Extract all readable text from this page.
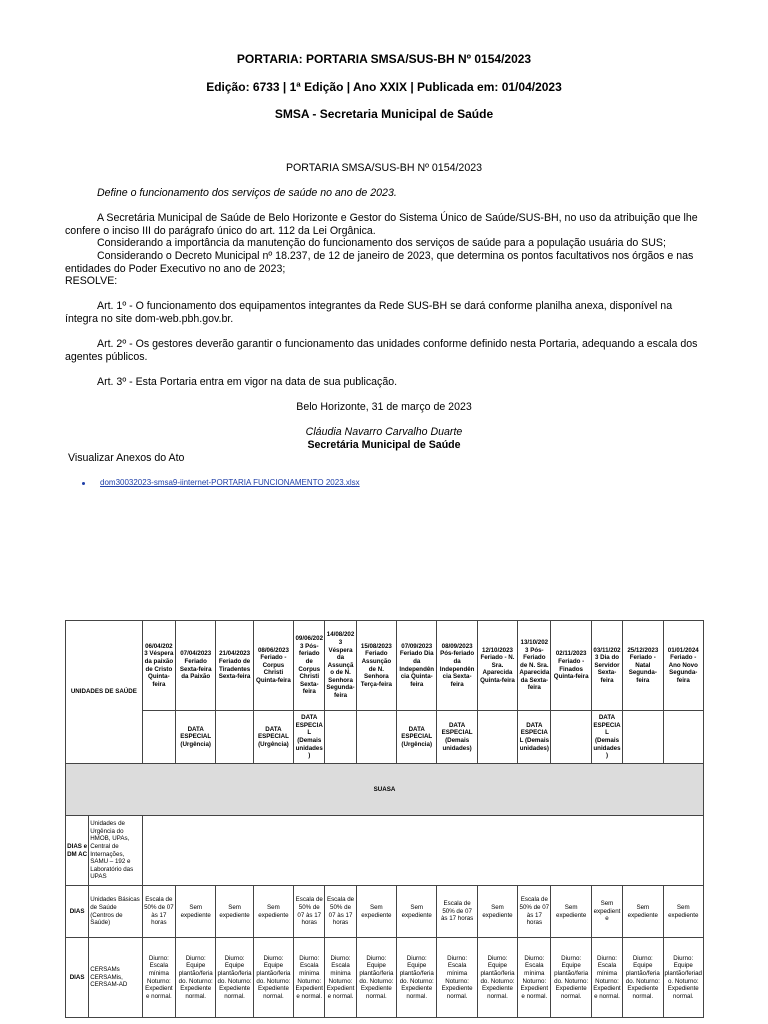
PORTARIA: PORTARIA SMSA/SUS-BH Nº 0154/2023
Edição: 6733 | 1ª Edição | Ano XXIX | Publicada em: 01/04/2023
SMSA - Secretaria Municipal de Saúde
PORTARIA SMSA/SUS-BH Nº 0154/2023
Define o funcionamento dos serviços de saúde no ano de 2023.
A Secretária Municipal de Saúde de Belo Horizonte e Gestor do Sistema Único de Saúde/SUS-BH, no uso da atribuição que lhe confere o inciso III do parágrafo único do art. 112 da Lei Orgânica.
Considerando a importância da manutenção do funcionamento dos serviços de saúde para a população usuária do SUS;
Considerando o Decreto Municipal nº 18.237, de 12 de janeiro de 2023, que determina os pontos facultativos nos órgãos e nas entidades do Poder Executivo no ano de 2023;
RESOLVE:
Art. 1º - O funcionamento dos equipamentos integrantes da Rede SUS-BH se dará conforme planilha anexa, disponível na íntegra no site dom-web.pbh.gov.br.
Art. 2º - Os gestores deverão garantir o funcionamento das unidades conforme definido nesta Portaria, adequando a escala dos agentes públicos.
Art. 3º - Esta Portaria entra em vigor na data de sua publicação.
Belo Horizonte, 31 de março de 2023
Cláudia Navarro Carvalho Duarte
Secretária Municipal de Saúde
Visualizar Anexos do Ato
dom30032023-smsa9-iinternet-PORTARIA FUNCIONAMENTO 2023.xlsx
UNIDADES DE SAÚDE		06/04/2023 Véspera da paixão de Cristo Quinta-feira	07/04/2023 Feriado Sexta-feira da Paixão	21/04/2023 Feriado de Tiradentes Sexta-feira	08/06/2023 Feriado - Corpus Christi Quinta-feira	09/06/2023 Pós-feriado de Corpus Christi Sexta-feira	14/08/2023 Véspera da Assunção de N. Senhora Segunda-feira	15/08/2023 Feriado Assunção de N. Senhora Terça-feira	07/09/2023 Feriado Dia da Independência Quinta-feira	08/09/2023 Pós-feriado da Independência Sexta-feira	12/10/2023 Feriado - N. Sra. Aparecida Quinta-feira	13/10/2023 Pós-Feriado de N. Sra. Aparecida da Sexta-feira	02/11/2023 Feriado - Finados Quinta-feira	03/11/2023 Dia do Servidor Sexta-feira	25/12/2023 Feriado - Natal Segunda-feira	01/01/2024 Feriado - Ano Novo Segunda-feira
			DATA ESPECIAL (Urgência)		DATA ESPECIAL (Urgência)	DATA ESPECIAL (Demais unidades)			DATA ESPECIAL (Urgência)	DATA ESPECIAL (Demais unidades)		DATA ESPECIAL (Demais unidades)		DATA ESPECIAL (Demais unidades)		
SUASA																
DIAS e DM AC	Unidades de Urgência do HMOB, UPAs, Central de Internações, SAMU – 192 e Laboratório das UPAS															
DIAS	Unidades Básicas de Saúde (Centros de Saúde)	Escala de 50% de 07 às 17 horas	Sem expediente	Sem expediente	Sem expediente	Escala de 50% de 07 às 17 horas	Escala de 50% de 07 às 17 horas	Sem expediente	Sem expediente	Escala de 50% de 07 às 17 horas	Sem expediente	Escala de 50% de 07 às 17 horas	Sem expediente	Sem expediente	Sem expediente	Sem expediente
DIAS	CERSAMs CERSAMis, CERSAM-AD	Diurno: Escala mínima Noturno: Expediente normal.	Diurno: Equipe plantão/feriado. Noturno: Expediente normal.	Diurno: Equipe plantão/feriado. Noturno: Expediente normal.	Diurno: Equipe plantão/feriado. Noturno: Expediente normal.	Diurno: Escala mínima Noturno: Expediente normal.	Diurno: Escala mínima Noturno: Expediente normal.	Diurno: Equipe plantão/feriado. Noturno: Expediente normal.	Diurno: Equipe plantão/feriado. Noturno: Expediente normal.	Diurno: Escala mínima Noturno: Expediente normal.	Diurno: Equipe plantão/feriado. Noturno: Expediente normal.	Diurno: Escala mínima Noturno: Expediente normal.	Diurno: Equipe plantão/feriado. Noturno: Expediente normal.	Diurno: Escala mínima Noturno: Expediente normal.	Diurno: Equipe plantão/feriado. Noturno: Expediente normal.	Diurno: Equipe plantão/feriado. Noturno: Expediente normal.
